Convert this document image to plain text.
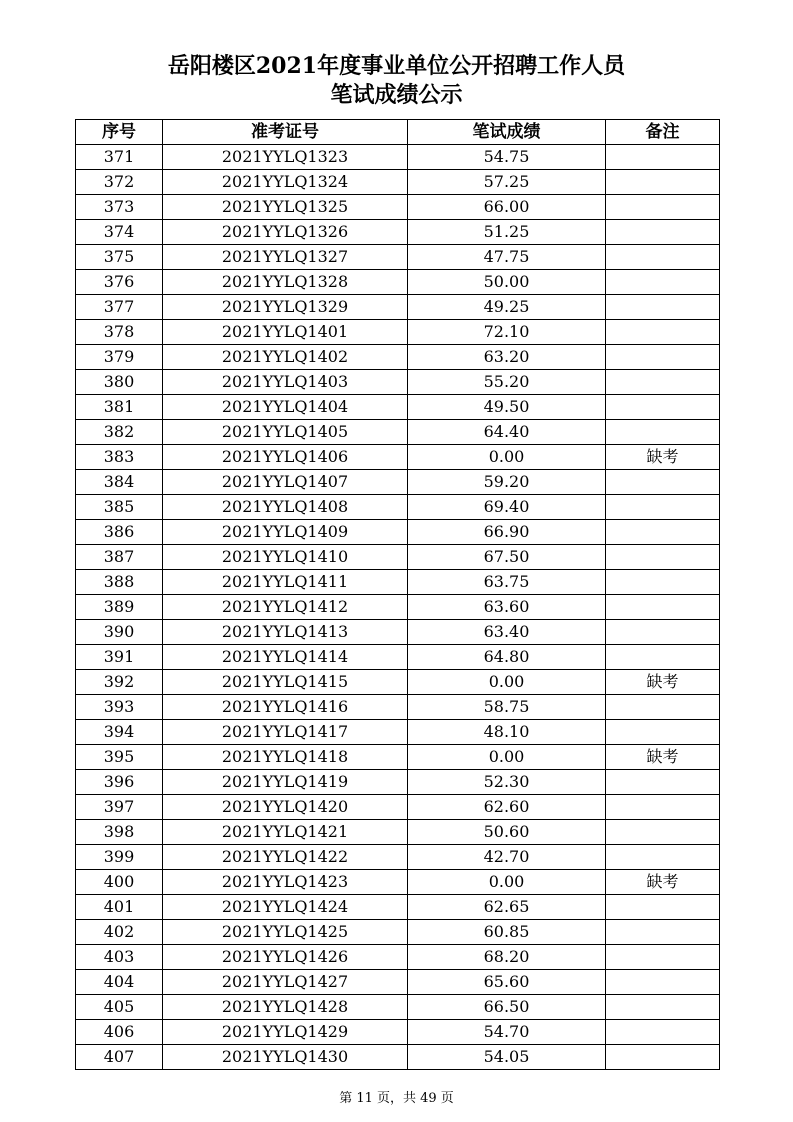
岳阳楼区2021年度事业单位公开招聘工作人员
笔试成绩公示
序号	准考证号	笔试成绩	备注
371	2021YYLQ1323	54.75	
372	2021YYLQ1324	57.25	
373	2021YYLQ1325	66.00	
374	2021YYLQ1326	51.25	
375	2021YYLQ1327	47.75	
376	2021YYLQ1328	50.00	
377	2021YYLQ1329	49.25	
378	2021YYLQ1401	72.10	
379	2021YYLQ1402	63.20	
380	2021YYLQ1403	55.20	
381	2021YYLQ1404	49.50	
382	2021YYLQ1405	64.40	
383	2021YYLQ1406	0.00	缺考
384	2021YYLQ1407	59.20	
385	2021YYLQ1408	69.40	
386	2021YYLQ1409	66.90	
387	2021YYLQ1410	67.50	
388	2021YYLQ1411	63.75	
389	2021YYLQ1412	63.60	
390	2021YYLQ1413	63.40	
391	2021YYLQ1414	64.80	
392	2021YYLQ1415	0.00	缺考
393	2021YYLQ1416	58.75	
394	2021YYLQ1417	48.10	
395	2021YYLQ1418	0.00	缺考
396	2021YYLQ1419	52.30	
397	2021YYLQ1420	62.60	
398	2021YYLQ1421	50.60	
399	2021YYLQ1422	42.70	
400	2021YYLQ1423	0.00	缺考
401	2021YYLQ1424	62.65	
402	2021YYLQ1425	60.85	
403	2021YYLQ1426	68.20	
404	2021YYLQ1427	65.60	
405	2021YYLQ1428	66.50	
406	2021YYLQ1429	54.70	
407	2021YYLQ1430	54.05	
第 11 页，共 49 页
